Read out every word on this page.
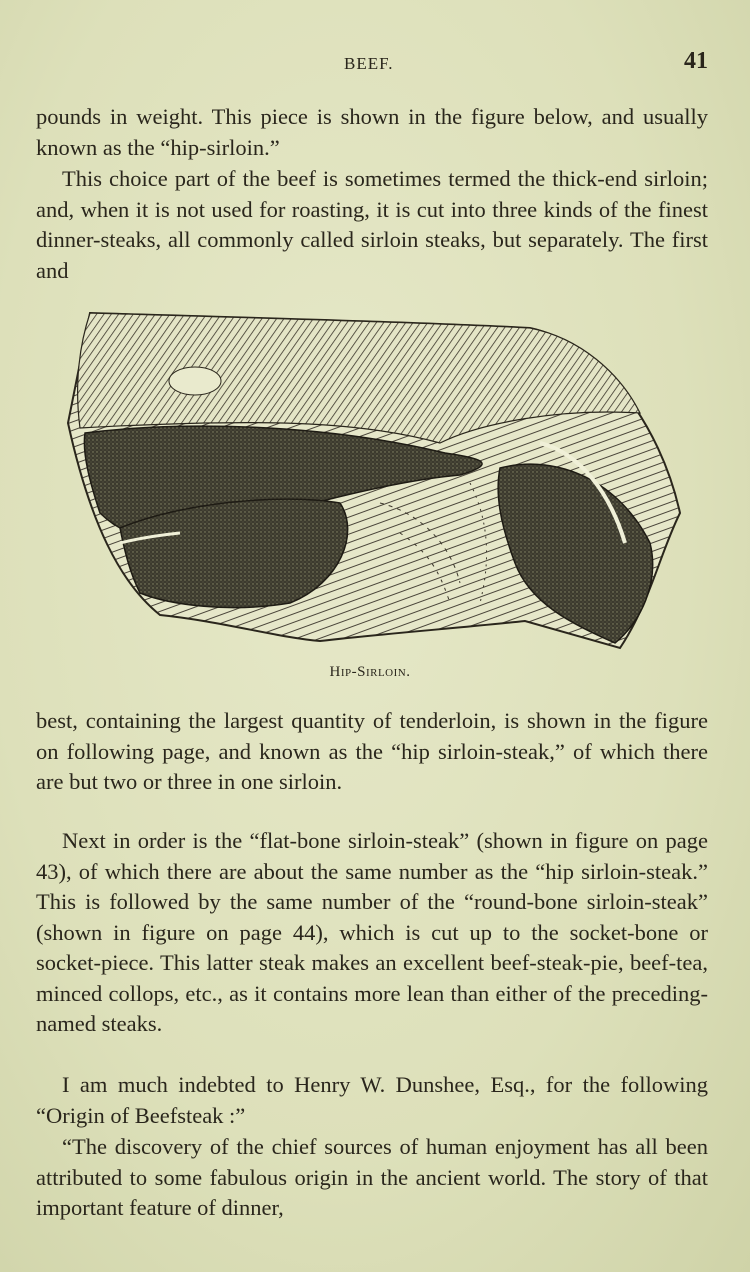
BEEF.	41

pounds in weight. This piece is shown in the figure below, and usually known as the “hip-sirloin.”

This choice part of the beef is sometimes termed the thick-end sirloin; and, when it is not used for roasting, it is cut into three kinds of the finest dinner-steaks, all commonly called sirloin steaks, but separately. The first and

Hip-Sirloin.

best, containing the largest quantity of tenderloin, is shown in the figure on following page, and known as the “hip sirloin-steak,” of which there are but two or three in one sirloin.

Next in order is the “flat-bone sirloin-steak” (shown in figure on page 43), of which there are about the same number as the “hip sirloin-steak.” This is followed by the same number of the “round-bone sirloin-steak” (shown in figure on page 44), which is cut up to the socket-bone or socket-piece. This latter steak makes an excellent beef-steak-pie, beef-tea, minced collops, etc., as it contains more lean than either of the preceding-named steaks.

I am much indebted to Henry W. Dunshee, Esq., for the following “Origin of Beefsteak :”

“The discovery of the chief sources of human enjoyment has all been attributed to some fabulous origin in the ancient world. The story of that important feature of dinner,
